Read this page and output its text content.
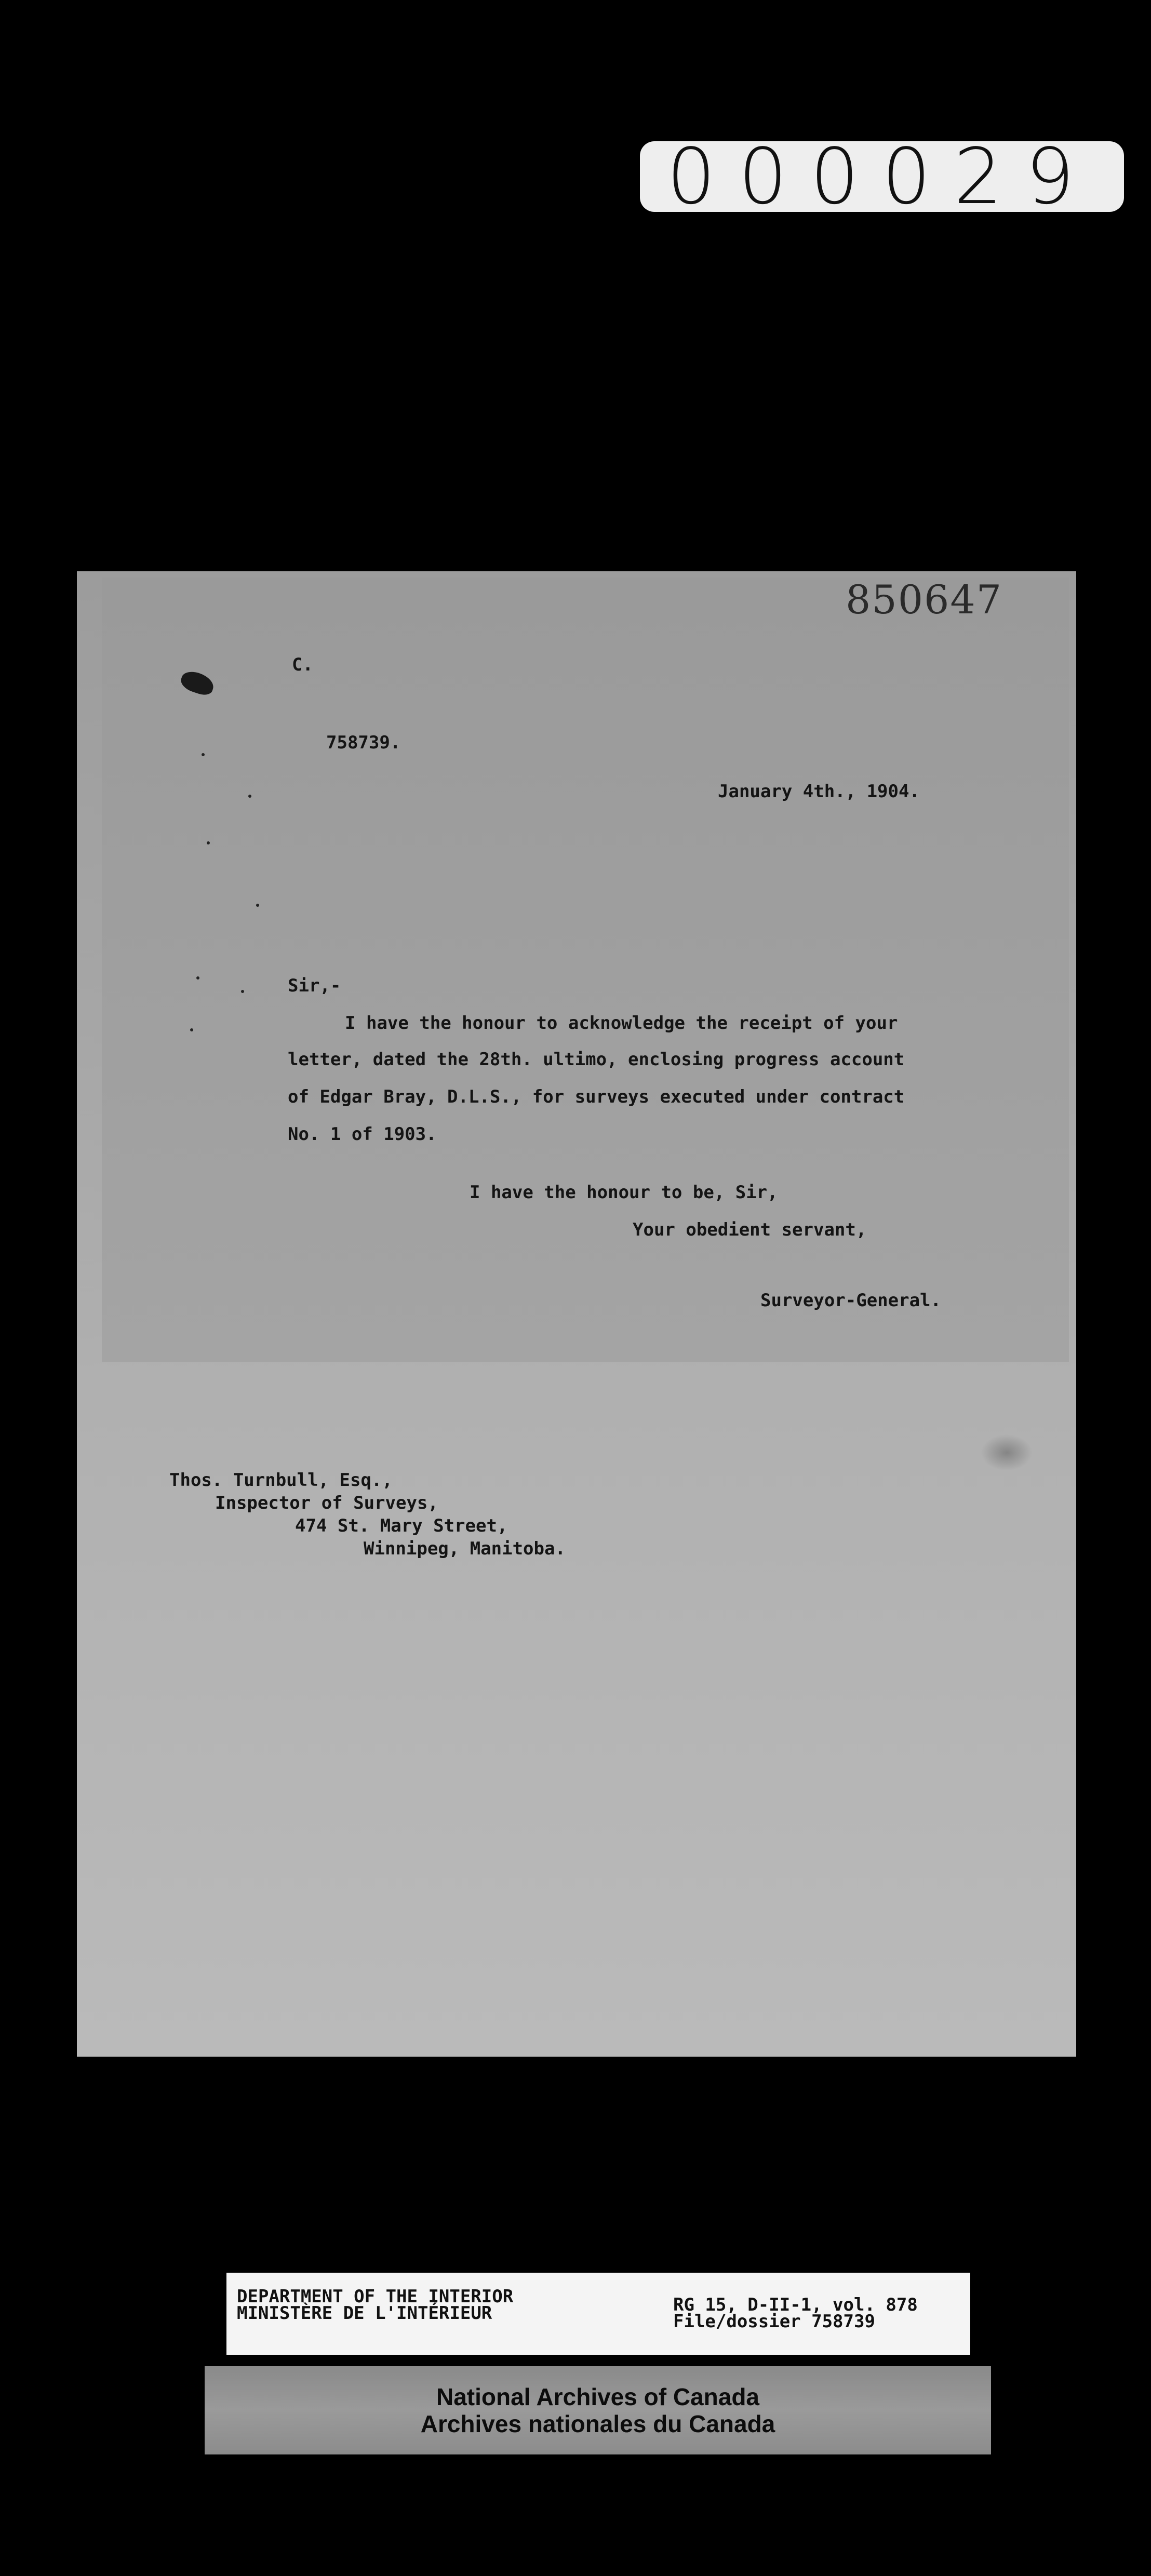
000029
850647
C.
758739.
January 4th., 1904.
Sir,-
I have the honour to acknowledge the receipt of your
letter, dated the 28th. ultimo, enclosing progress account
of Edgar Bray, D.L.S., for surveys executed under contract
No. 1 of 1903.
I have the honour to be, Sir,
Your obedient servant,
Surveyor-General.
Thos. Turnbull, Esq.,
Inspector of Surveys,
474 St. Mary Street,
Winnipeg, Manitoba.
DEPARTMENT OF THE INTERIOR
MINISTÈRE DE L'INTÉRIEUR	RG 15, D-II-1, vol. 878
File/dossier 758739
National Archives of Canada
Archives nationales du Canada
